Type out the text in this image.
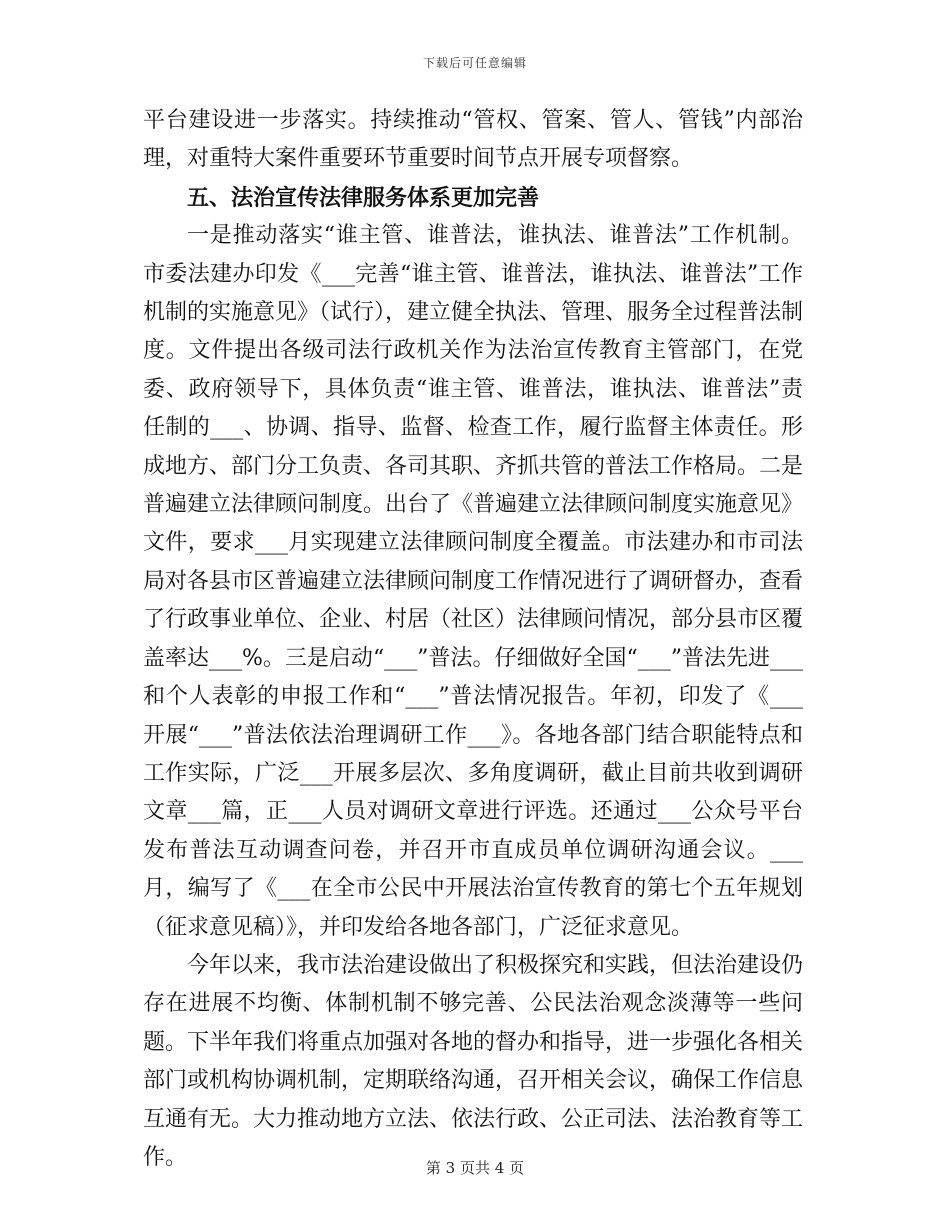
下载后可任意编辑

平台建设进一步落实。持续推动“管权、管案、管人、管钱”内部治理，对重特大案件重要环节重要时间节点开展专项督察。

五、法治宣传法律服务体系更加完善

一是推动落实“谁主管、谁普法，谁执法、谁普法”工作机制。市委法建办印发《___完善“谁主管、谁普法，谁执法、谁普法”工作机制的实施意见》（试行），建立健全执法、管理、服务全过程普法制度。文件提出各级司法行政机关作为法治宣传教育主管部门，在党委、政府领导下，具体负责“谁主管、谁普法，谁执法、谁普法”责任制的___、协调、指导、监督、检查工作，履行监督主体责任。形成地方、部门分工负责、各司其职、齐抓共管的普法工作格局。二是普遍建立法律顾问制度。出台了《普遍建立法律顾问制度实施意见》文件，要求___月实现建立法律顾问制度全覆盖。市法建办和市司法局对各县市区普遍建立法律顾问制度工作情况进行了调研督办，查看了行政事业单位、企业、村居（社区）法律顾问情况，部分县市区覆盖率达___%。三是启动“___”普法。仔细做好全国“___”普法先进___和个人表彰的申报工作和“___”普法情况报告。年初，印发了《___开展“___”普法依法治理调研工作___》。各地各部门结合职能特点和工作实际，广泛___开展多层次、多角度调研，截止目前共收到调研文章___篇，正___人员对调研文章进行评选。还通过___公众号平台发布普法互动调查问卷，并召开市直成员单位调研沟通会议。___月，编写了《___在全市公民中开展法治宣传教育的第七个五年规划（征求意见稿）》，并印发给各地各部门，广泛征求意见。

今年以来，我市法治建设做出了积极探究和实践，但法治建设仍存在进展不均衡、体制机制不够完善、公民法治观念淡薄等一些问题。下半年我们将重点加强对各地的督办和指导，进一步强化各相关部门或机构协调机制，定期联络沟通，召开相关会议，确保工作信息互通有无。大力推动地方立法、依法行政、公正司法、法治教育等工作。	第 3 页共 4 页
